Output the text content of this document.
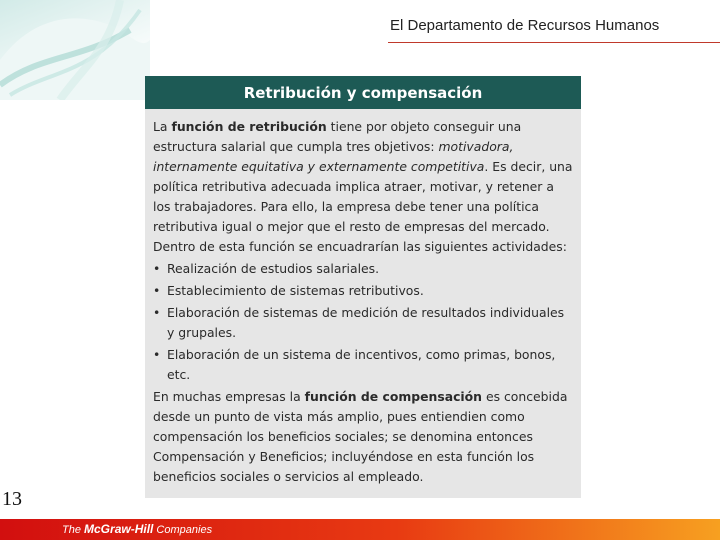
El Departamento de Recursos Humanos
Retribución y compensación

La función de retribución tiene por objeto conseguir una estructura salarial que cumpla tres objetivos: motivadora, internamente equitativa y externamente competitiva. Es decir, una política retributiva adecuada implica atraer, motivar, y retener a los trabajadores. Para ello, la empresa debe tener una política retributiva igual o mejor que el resto de empresas del mercado.

Dentro de esta función se encuadrarían las siguientes actividades:

• Realización de estudios salariales.
• Establecimiento de sistemas retributivos.
• Elaboración de sistemas de medición de resultados individuales y grupales.
• Elaboración de un sistema de incentivos, como primas, bonos, etc.

En muchas empresas la función de compensación es concebida desde un punto de vista más amplio, pues entiendien como compensación los beneficios sociales; se denomina entonces Compensación y Beneficios; incluyéndose en esta función los beneficios sociales o servicios al empleado.

13
The McGraw-Hill Companies
